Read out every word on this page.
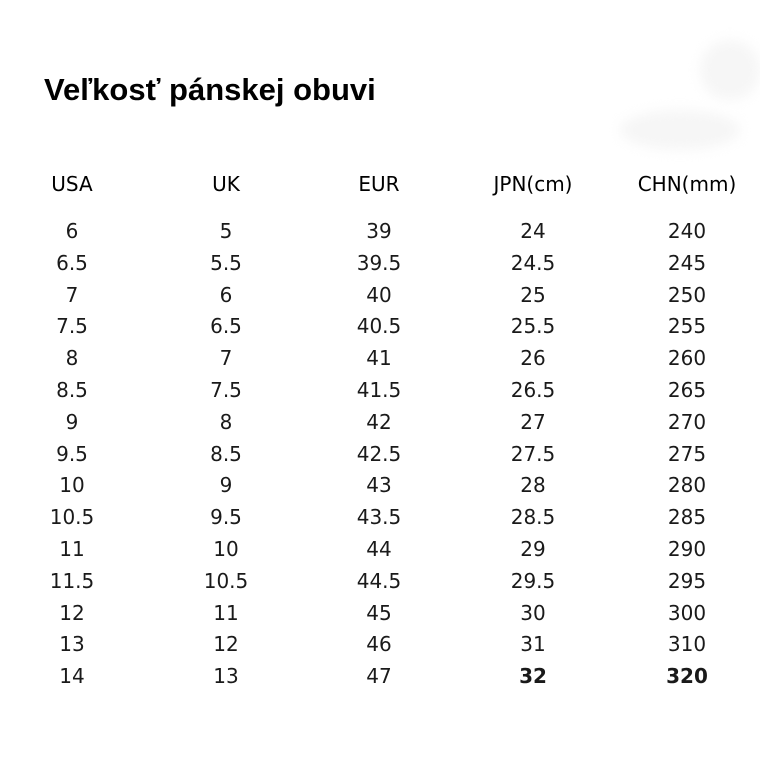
Veľkosť pánskej obuvi
USA	UK	EUR	JPN(cm)	CHN(mm)
6	5	39	24	240
6.5	5.5	39.5	24.5	245
7	6	40	25	250
7.5	6.5	40.5	25.5	255
8	7	41	26	260
8.5	7.5	41.5	26.5	265
9	8	42	27	270
9.5	8.5	42.5	27.5	275
10	9	43	28	280
10.5	9.5	43.5	28.5	285
11	10	44	29	290
11.5	10.5	44.5	29.5	295
12	11	45	30	300
13	12	46	31	310
14	13	47	32	320
